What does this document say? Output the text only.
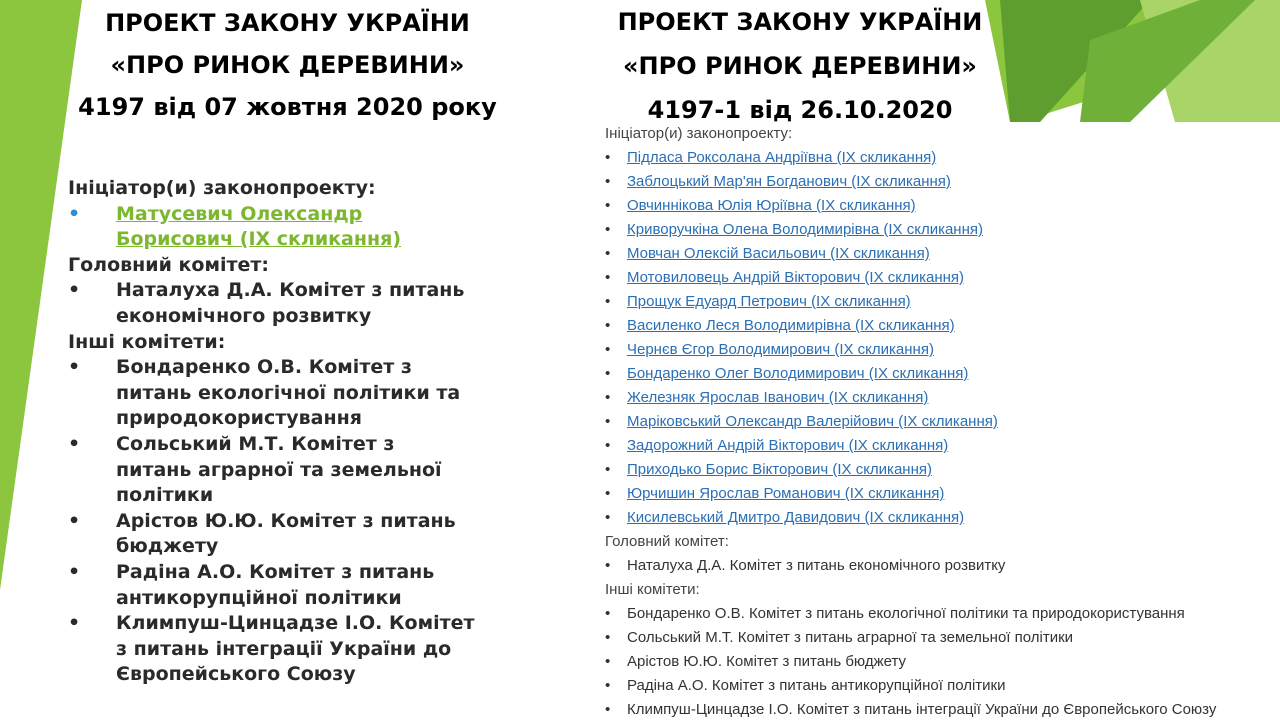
ПРОЕКТ ЗАКОНУ УКРАЇНИ
«ПРО РИНОК ДЕРЕВИНИ»
4197 від 07 жовтня 2020 року
Ініціатор(и) законопроекту:
• Матусевич Олександр
Борисович (IX скликання)
Головний комітет:
• Наталуха Д.А. Комітет з питань
економічного розвитку
Інші комітети:
• Бондаренко О.В. Комітет з
питань екологічної політики та
природокористування
• Сольський М.Т. Комітет з
питань аграрної та земельної
політики
• Арістов Ю.Ю. Комітет з питань
бюджету
• Радіна А.О. Комітет з питань
антикорупційної політики
• Климпуш-Цинцадзе І.О. Комітет
з питань інтеграції України до
Європейського Союзу
ПРОЕКТ ЗАКОНУ УКРАЇНИ
«ПРО РИНОК ДЕРЕВИНИ»
4197-1 від 26.10.2020
Ініціатор(и) законопроекту:
• Підласа Роксолана Андріївна (IX скликання)
• Заблоцький Мар'ян Богданович (IX скликання)
• Овчиннікова Юлія Юріївна (IX скликання)
• Криворучкіна Олена Володимирівна (IX скликання)
• Мовчан Олексій Васильович (IX скликання)
• Мотовиловець Андрій Вікторович (IX скликання)
• Прощук Едуард Петрович (IX скликання)
• Василенко Леся Володимирівна (IX скликання)
• Чернєв Єгор Володимирович (IX скликання)
• Бондаренко Олег Володимирович (IX скликання)
• Железняк Ярослав Іванович (IX скликання)
• Маріковський Олександр Валерійович (IX скликання)
• Задорожний Андрій Вікторович (IX скликання)
• Приходько Борис Вікторович (IX скликання)
• Юрчишин Ярослав Романович (IX скликання)
• Кисилевський Дмитро Давидович (IX скликання)
Головний комітет:
• Наталуха Д.А. Комітет з питань економічного розвитку
Інші комітети:
• Бондаренко О.В. Комітет з питань екологічної політики та природокористування
• Сольський М.Т. Комітет з питань аграрної та земельної політики
• Арістов Ю.Ю. Комітет з питань бюджету
• Радіна А.О. Комітет з питань антикорупційної політики
• Климпуш-Цинцадзе І.О. Комітет з питань інтеграції України до Європейського Союзу
